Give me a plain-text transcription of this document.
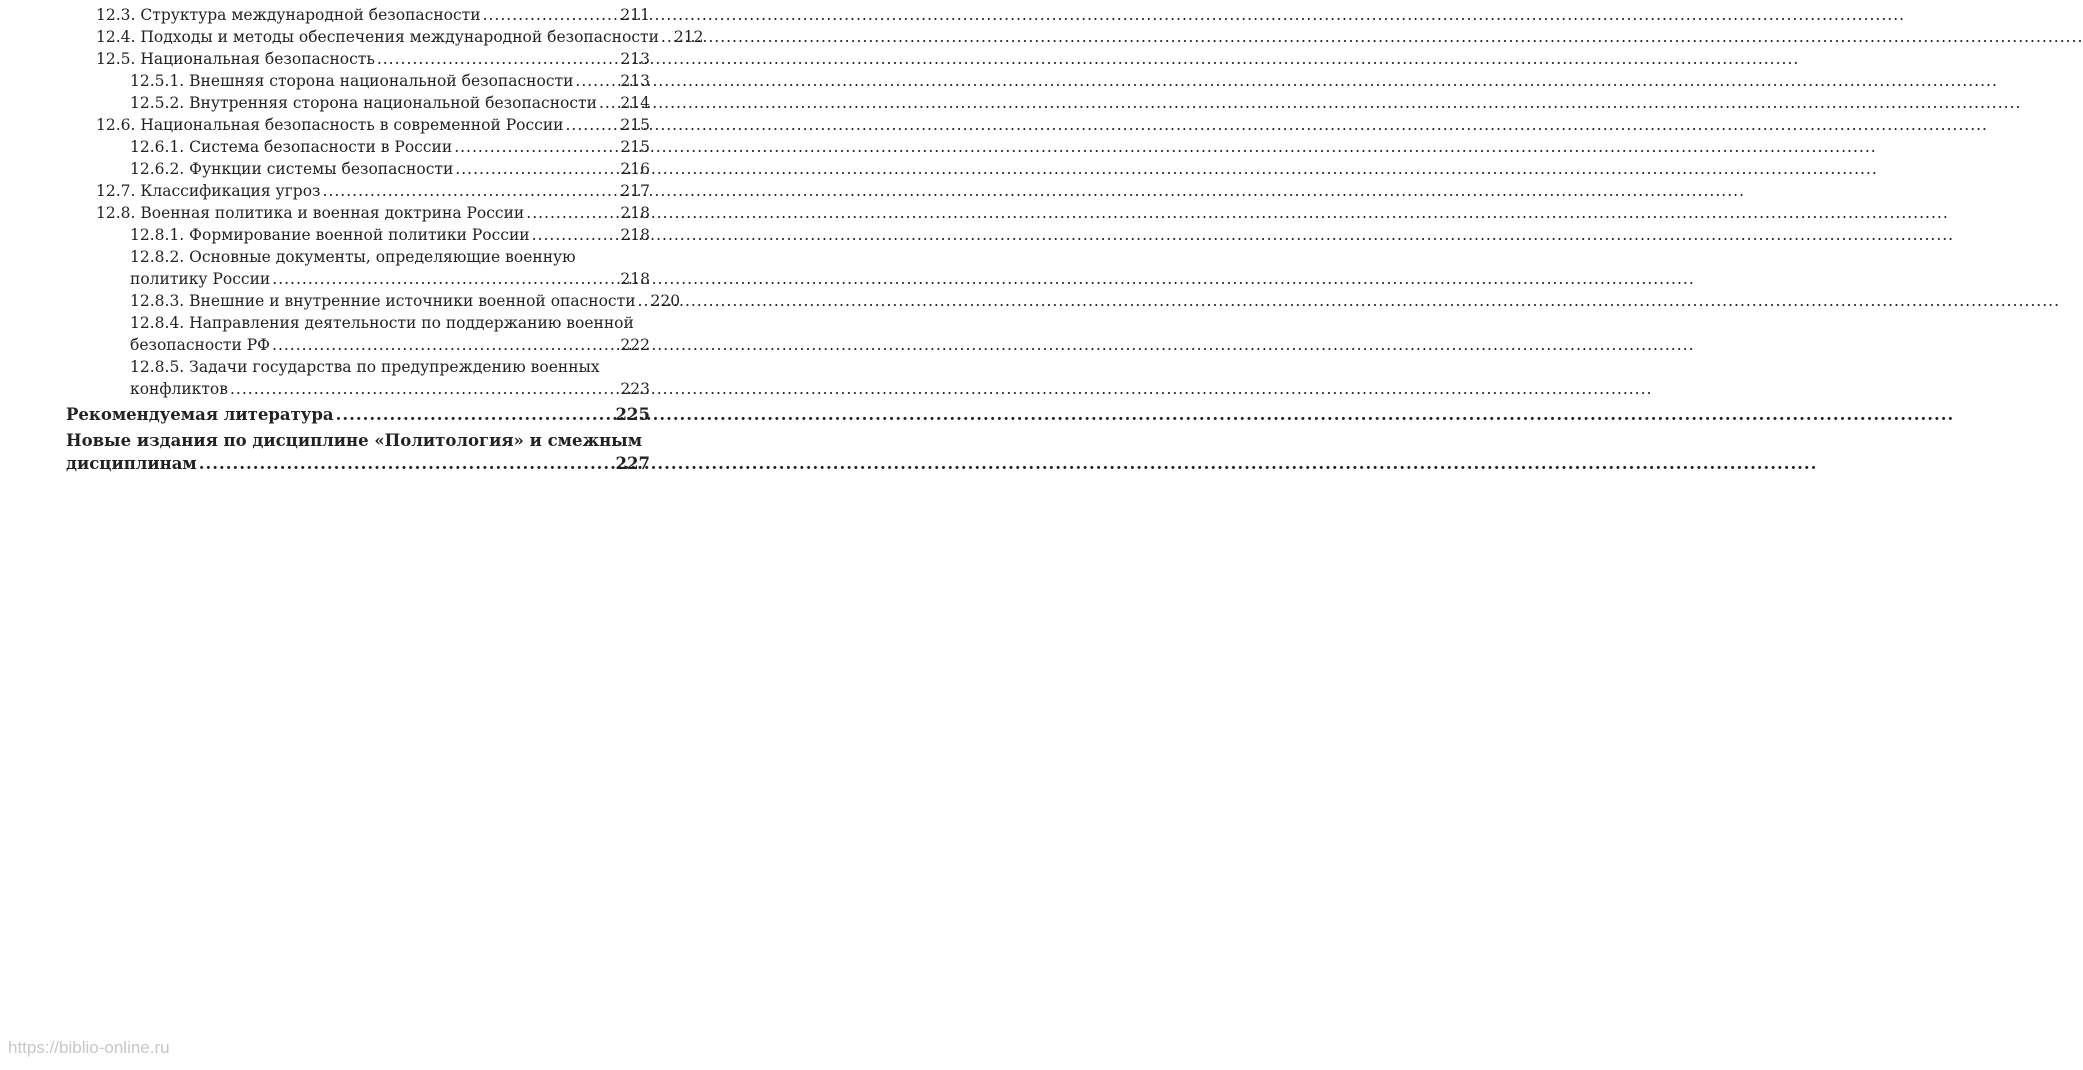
12.3. Структура международной безопасности .....	211
12.4. Подходы и методы обеспечения международной безопасности ..... 212
12.5. Национальная безопасность .....	213
12.5.1. Внешняя сторона национальной безопасности .....	213
12.5.2. Внутренняя сторона национальной безопасности ..... 214
12.6. Национальная безопасность в современной России .....	215
12.6.1. Система безопасности в России .....	215
12.6.2. Функции системы безопасности .....	216
12.7. Классификация угроз .....	217
12.8. Военная политика и военная доктрина России .....	218
12.8.1. Формирование военной политики России .....	218
12.8.2. Основные документы, определяющие военную
политику России .....	218
12.8.3. Внешние и внутренние источники военной опасности ..... 220
12.8.4. Направления деятельности по поддержанию военной
безопасности РФ .....	222
12.8.5. Задачи государства по предупреждению военных
конфликтов .....	223
Рекомендуемая литература .....	225
Новые издания по дисциплине «Политология» и смежным
дисциплинам .....	227
https://biblio-online.ru
